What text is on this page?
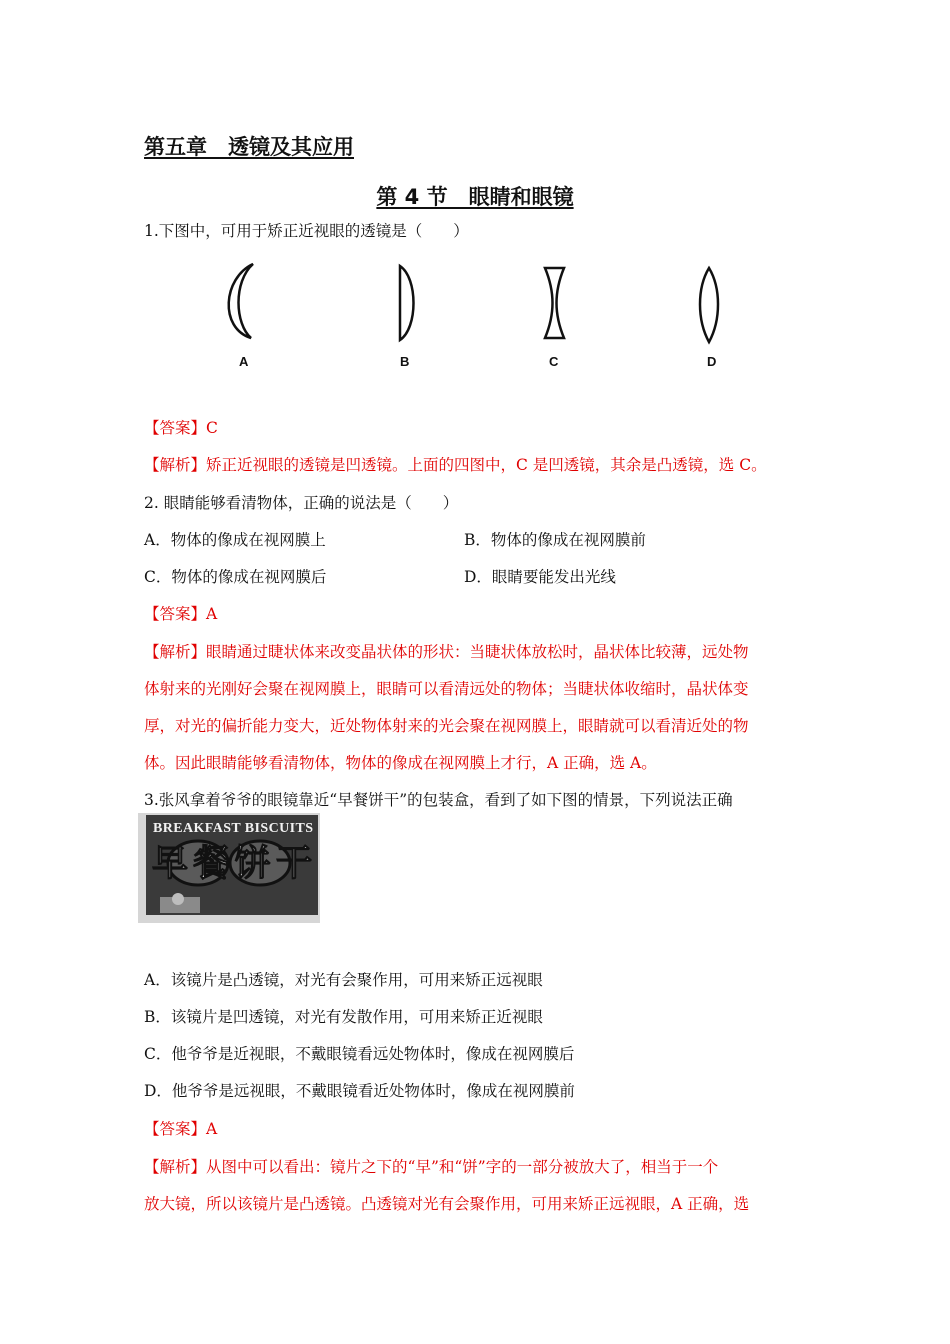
第五章　透镜及其应用
第 4 节　眼睛和眼镜
1.下图中，可用于矫正近视眼的透镜是（　　）
A	B	C	D
【答案】C
【解析】矫正近视眼的透镜是凹透镜。上面的四图中，C 是凹透镜，其余是凸透镜，选 C。
2. 眼睛能够看清物体，正确的说法是（　　）
A．物体的像成在视网膜上	B．物体的像成在视网膜前
C．物体的像成在视网膜后	D．眼睛要能发出光线
【答案】A
【解析】眼睛通过睫状体来改变晶状体的形状：当睫状体放松时，晶状体比较薄，远处物
体射来的光刚好会聚在视网膜上，眼睛可以看清远处的物体；当睫状体收缩时，晶状体变
厚，对光的偏折能力变大，近处物体射来的光会聚在视网膜上，眼睛就可以看清近处的物
体。因此眼睛能够看清物体，物体的像成在视网膜上才行，A 正确，选 A。
3.张风拿着爷爷的眼镜靠近“早餐饼干”的包装盒，看到了如下图的情景，下列说法正确
BREAKFAST BISCUITS
早餐饼干
A．该镜片是凸透镜，对光有会聚作用，可用来矫正远视眼
B．该镜片是凹透镜，对光有发散作用，可用来矫正近视眼
C．他爷爷是近视眼，不戴眼镜看远处物体时，像成在视网膜后
D．他爷爷是远视眼，不戴眼镜看近处物体时，像成在视网膜前
【答案】A
【解析】从图中可以看出：镜片之下的“早”和“饼”字的一部分被放大了，相当于一个
放大镜，所以该镜片是凸透镜。凸透镜对光有会聚作用，可用来矫正远视眼，A 正确，选
